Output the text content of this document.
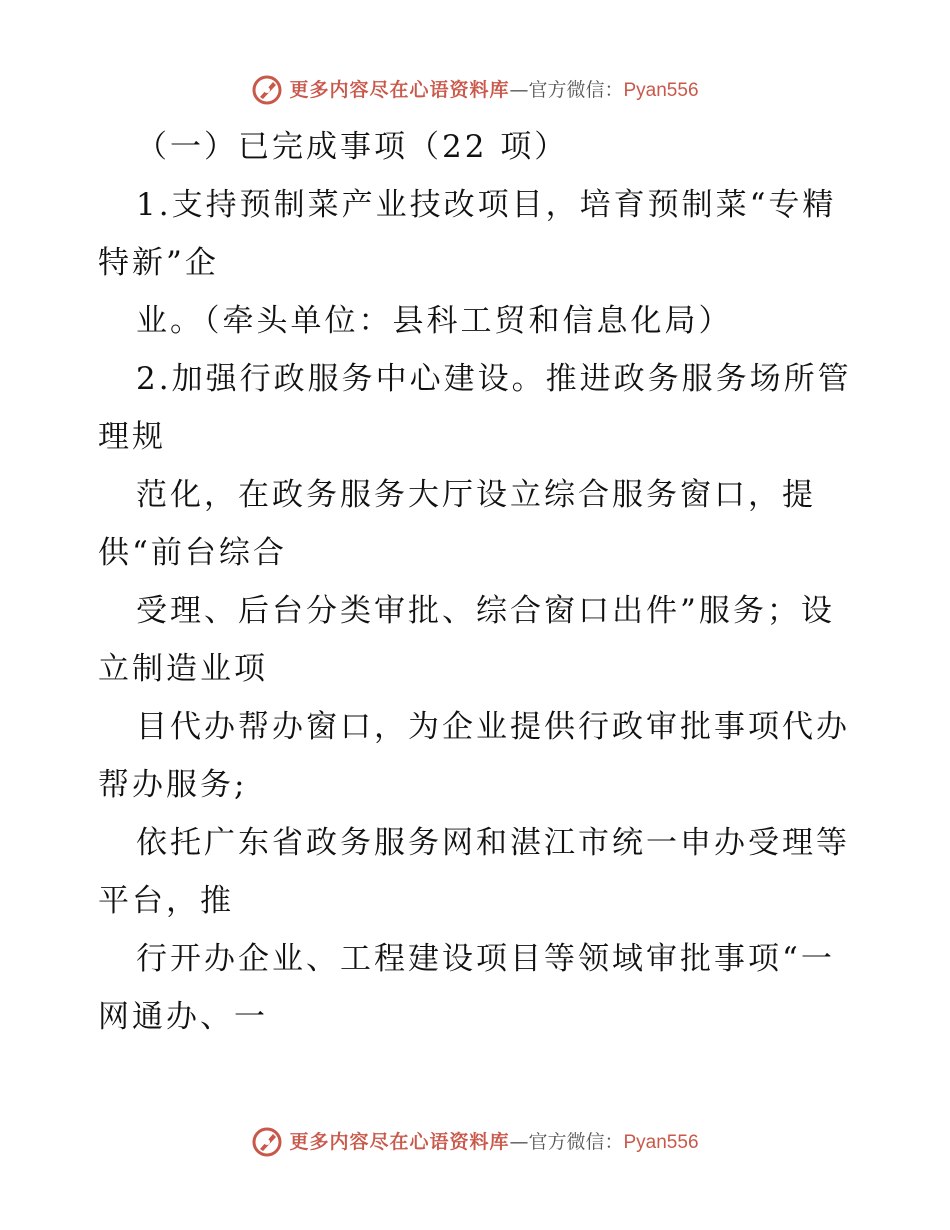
更多内容尽在心语资料库—官方微信：Pyan556
（一）已完成事项（22 项）
1.支持预制菜产业技改项目，培育预制菜“专精
特新”企
业。（牵头单位：县科工贸和信息化局）
2.加强行政服务中心建设。推进政务服务场所管
理规
范化，在政务服务大厅设立综合服务窗口，提
供“前台综合
受理、后台分类审批、综合窗口出件”服务；设
立制造业项
目代办帮办窗口，为企业提供行政审批事项代办
帮办服务;
依托广东省政务服务网和湛江市统一申办受理等
平台，推
行开办企业、工程建设项目等领域审批事项“一
网通办、一
更多内容尽在心语资料库—官方微信：Pyan556
